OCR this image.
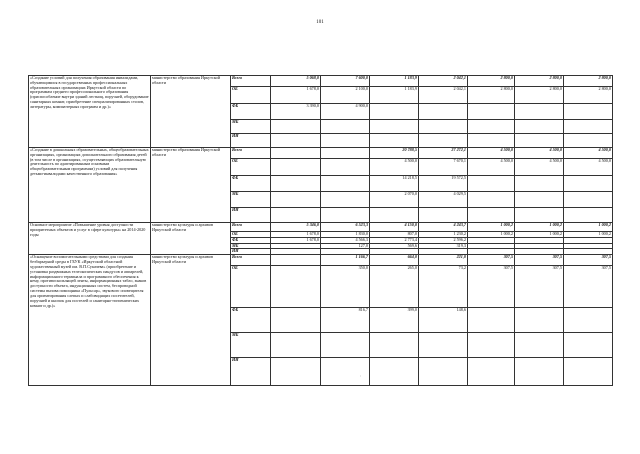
101
«Создание условий для получения образования инвалидами, обучающимися в государственных профессиональных образовательных организациях Иркутской области по программам среднего профессионального образования (приспособление внутри зданий лестниц, поручней, оборудование санитарных комнат, приобретение специализированных столов, литературы, компьютерных программ и др.)»	министерство образования Иркутской области	Всего	5 068,0	7 600,0	1 183,9	2 042,1	2 800,0	2 800,0	2 800,0
		ОБ	1 678,0	2 100,0	1 183,9	2 042,1	2 800,0	2 800,0	2 800,0
		ФБ	3 390,0	4 900,0					
		МБ							
		ИИ							
«Создание в дошкольных образовательных, общеобразовательных организациях, организациях дополнительного образования детей (в том числе в организациях, осуществляющих образовательную деятельность по адаптированным основным общеобразовательным программам) условий для получения детьми-инвалидами качественного образования»	министерство образования Иркутской области	Всего			20 788,5	27 272,1	4 500,0	4 500,0	4 500,0
		ОБ			4 500,0	7 670,1	4 500,0	4 500,0	4 500,0
		ФБ			14 218,5	19 572,5			
		МБ			2 070,0	4 029,5			
		ИИ							
Основное мероприятие «Повышение уровня доступности приоритетных объектов и услуг в сфере культуры» на 2014-2020 годы	министерство культуры и архивов Иркутской области	Всего	5 346,0	6 523,3	4 150,0	4 243,7	1 000,2	1 000,2	1 000,2
		ОБ	1 678,0	1 830,0	807,0	1 230,2	1 000,2	1 000,2	1 000,2
		ФБ	1 678,0	4 566,3	2 773,4	2 596,2			
		МБ		127,0	569,6	319,3			
		ИИ							
«Оснащение вспомогательными средствами для создания безбарьерной среды в ГБУК «Иркутский областной художественный музей им. В.П.Сукачева» (приобретение и установка раздвижных телескопических пандусов и аппарелей, информационного терминала и программного обеспечения к нему, противоскользящей ленты, информационных табло, знаков доступности объекта, индукционных систем, беспроводной системы вызова помощника «Пульсар», звукового оповещателя для ориентирования слепых и слабовидящих посетителей, поручней и кнопок для постелей и санитарно-гигиенических комнат и др.)»	министерство культуры и архивов Иркутской области	Всего		1 166,7	664,0	221,0	307,5	307,5	307,5
		ОБ		350,0	265,0	73,2	307,5	307,5	307,5
		ФБ		816,7	399,0	148,6			
		МБ							
		ИИ							
'
